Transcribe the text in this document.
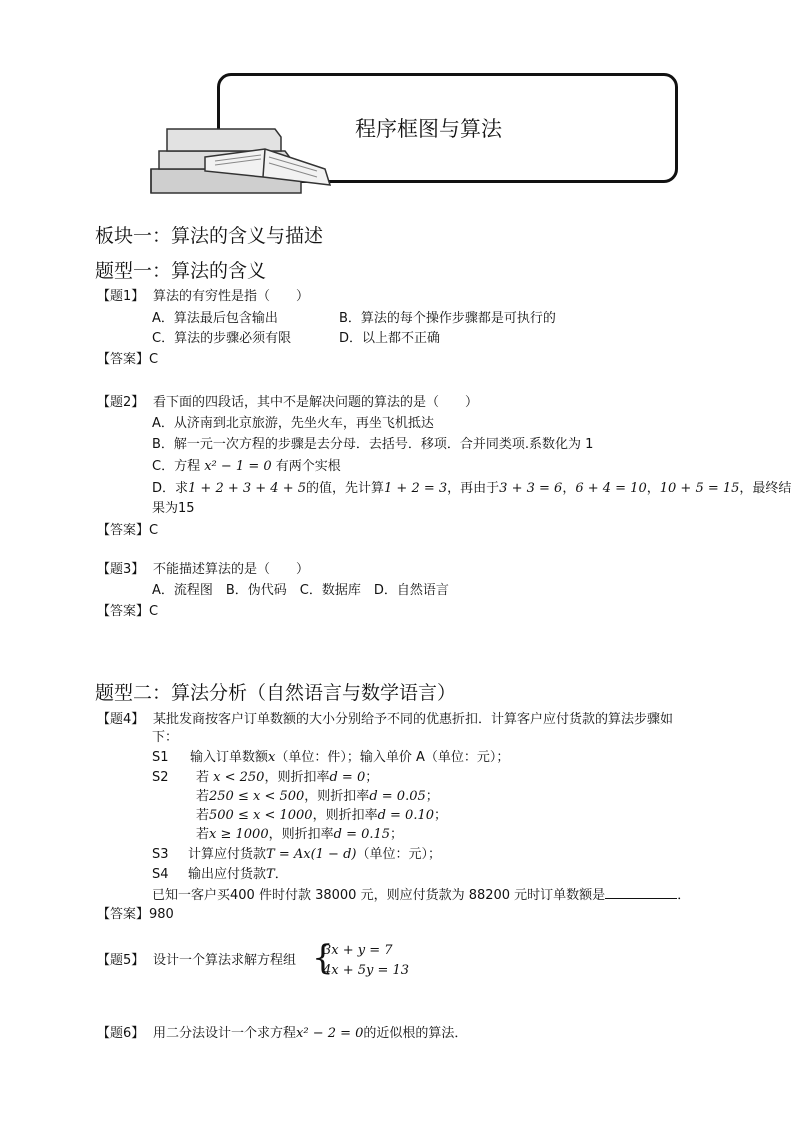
程序框图与算法
板块一：算法的含义与描述
题型一：算法的含义
【题1】 算法的有穷性是指（　　）
A．算法最后包含输出	B．算法的每个操作步骤都是可执行的
C．算法的步骤必须有限	D．以上都不正确
【答案】C
【题2】 看下面的四段话，其中不是解决问题的算法的是（　　）
A．从济南到北京旅游，先坐火车，再坐飞机抵达
B．解一元一次方程的步骤是去分母．去括号．移项．合并同类项.系数化为 1
C．方程 x² − 1 = 0 有两个实根
D．求1 + 2 + 3 + 4 + 5的值，先计算1 + 2 = 3，再由于3 + 3 = 6，6 + 4 = 10，10 + 5 = 15，最终结
果为15
【答案】C
【题3】 不能描述算法的是（　　）
A．流程图　B．伪代码　C．数据库　D．自然语言
【答案】C
题型二：算法分析（自然语言与数学语言）
【题4】 某批发商按客户订单数额的大小分别给予不同的优惠折扣．计算客户应付货款的算法步骤如
下：
S1 输入订单数额x（单位：件）；输入单价 A（单位：元）；
S2 若 x < 250，则折扣率d = 0；
若250 ≤ x < 500，则折扣率d = 0.05；
若500 ≤ x < 1000，则折扣率d = 0.10；
若x ≥ 1000，则折扣率d = 0.15；
S3 计算应付货款T = Ax(1 − d)（单位：元）；
S4 输出应付货款T．
已知一客户买400 件时付款 38000 元，则应付货款为 88200 元时订单数额是	．
【答案】980
【题5】 设计一个算法求解方程组 {
3x + y = 7
4x + 5y = 13
【题6】 用二分法设计一个求方程x² − 2 = 0的近似根的算法．
